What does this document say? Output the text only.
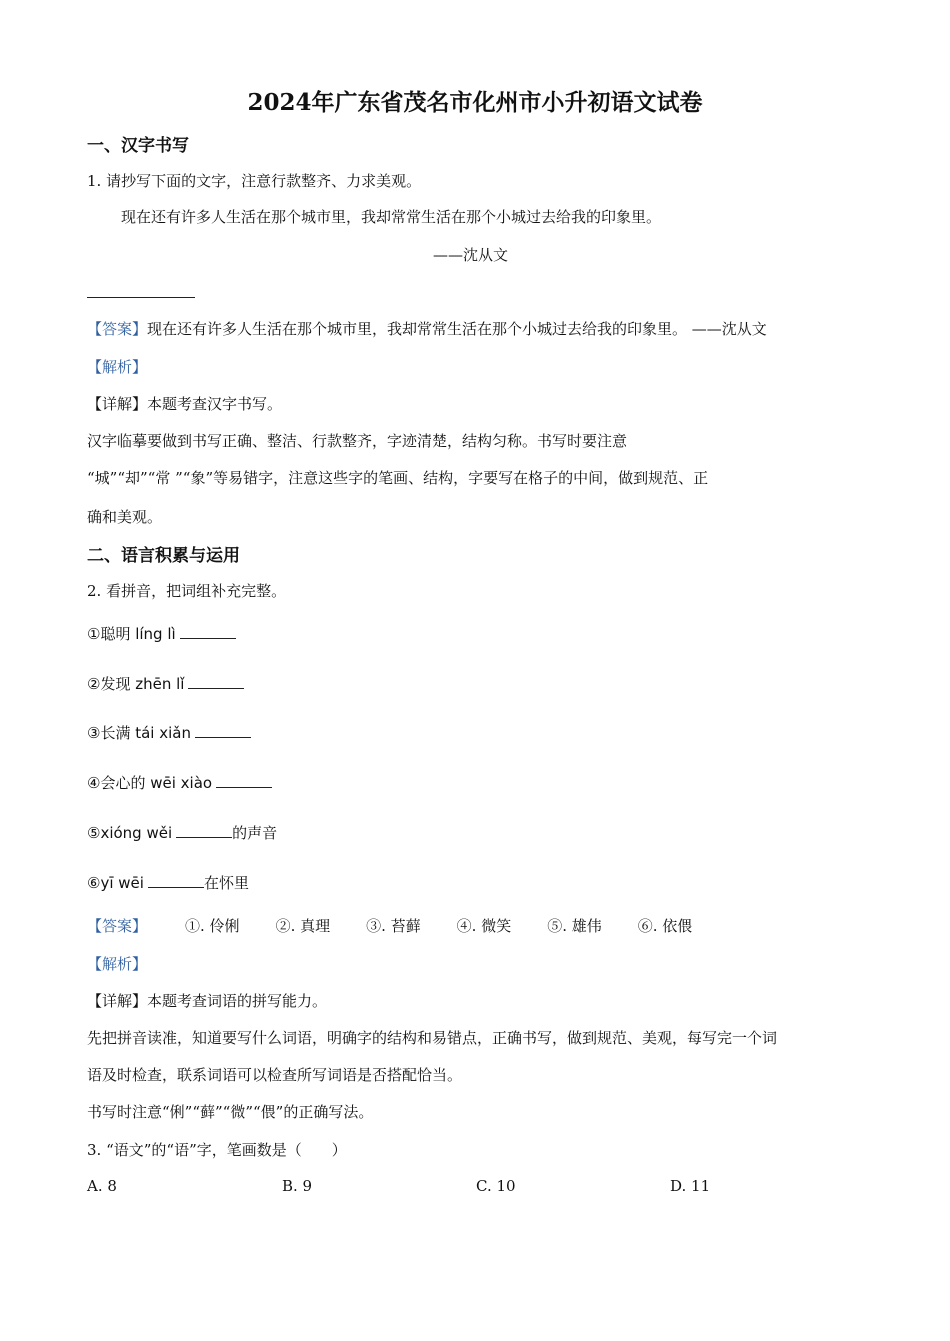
2024年广东省茂名市化州市小升初语文试卷
一、汉字书写
1. 请抄写下面的文字，注意行款整齐、力求美观。
现在还有许多人生活在那个城市里，我却常常生活在那个小城过去给我的印象里。
——沈从文
【答案】现在还有许多人生活在那个城市里，我却常常生活在那个小城过去给我的印象里。 ——沈从文
【解析】
【详解】本题考查汉字书写。
汉字临摹要做到书写正确、整洁、行款整齐，字迹清楚，结构匀称。书写时要注意
“城”“却”“常 ”“象”等易错字，注意这些字的笔画、结构，字要写在格子的中间，做到规范、正
确和美观。
二、语言积累与运用
2. 看拼音，把词组补充完整。
①聪明 líng lì
②发现 zhēn lǐ
③长满 tái xiǎn
④会心的 wēi xiào
⑤xióng wěi	的声音
⑥yī wēi	在怀里
【答案】	①. 伶俐 ②. 真理 ③. 苔藓 ④. 微笑 ⑤. 雄伟 ⑥. 依偎
【解析】
【详解】本题考查词语的拼写能力。
先把拼音读准，知道要写什么词语，明确字的结构和易错点，正确书写，做到规范、美观，每写完一个词
语及时检查，联系词语可以检查所写词语是否搭配恰当。
书写时注意“俐”“藓”“微”“偎”的正确写法。
3. “语文”的“语”字，笔画数是（　　）
A. 8	B. 9	C. 10	D. 11
